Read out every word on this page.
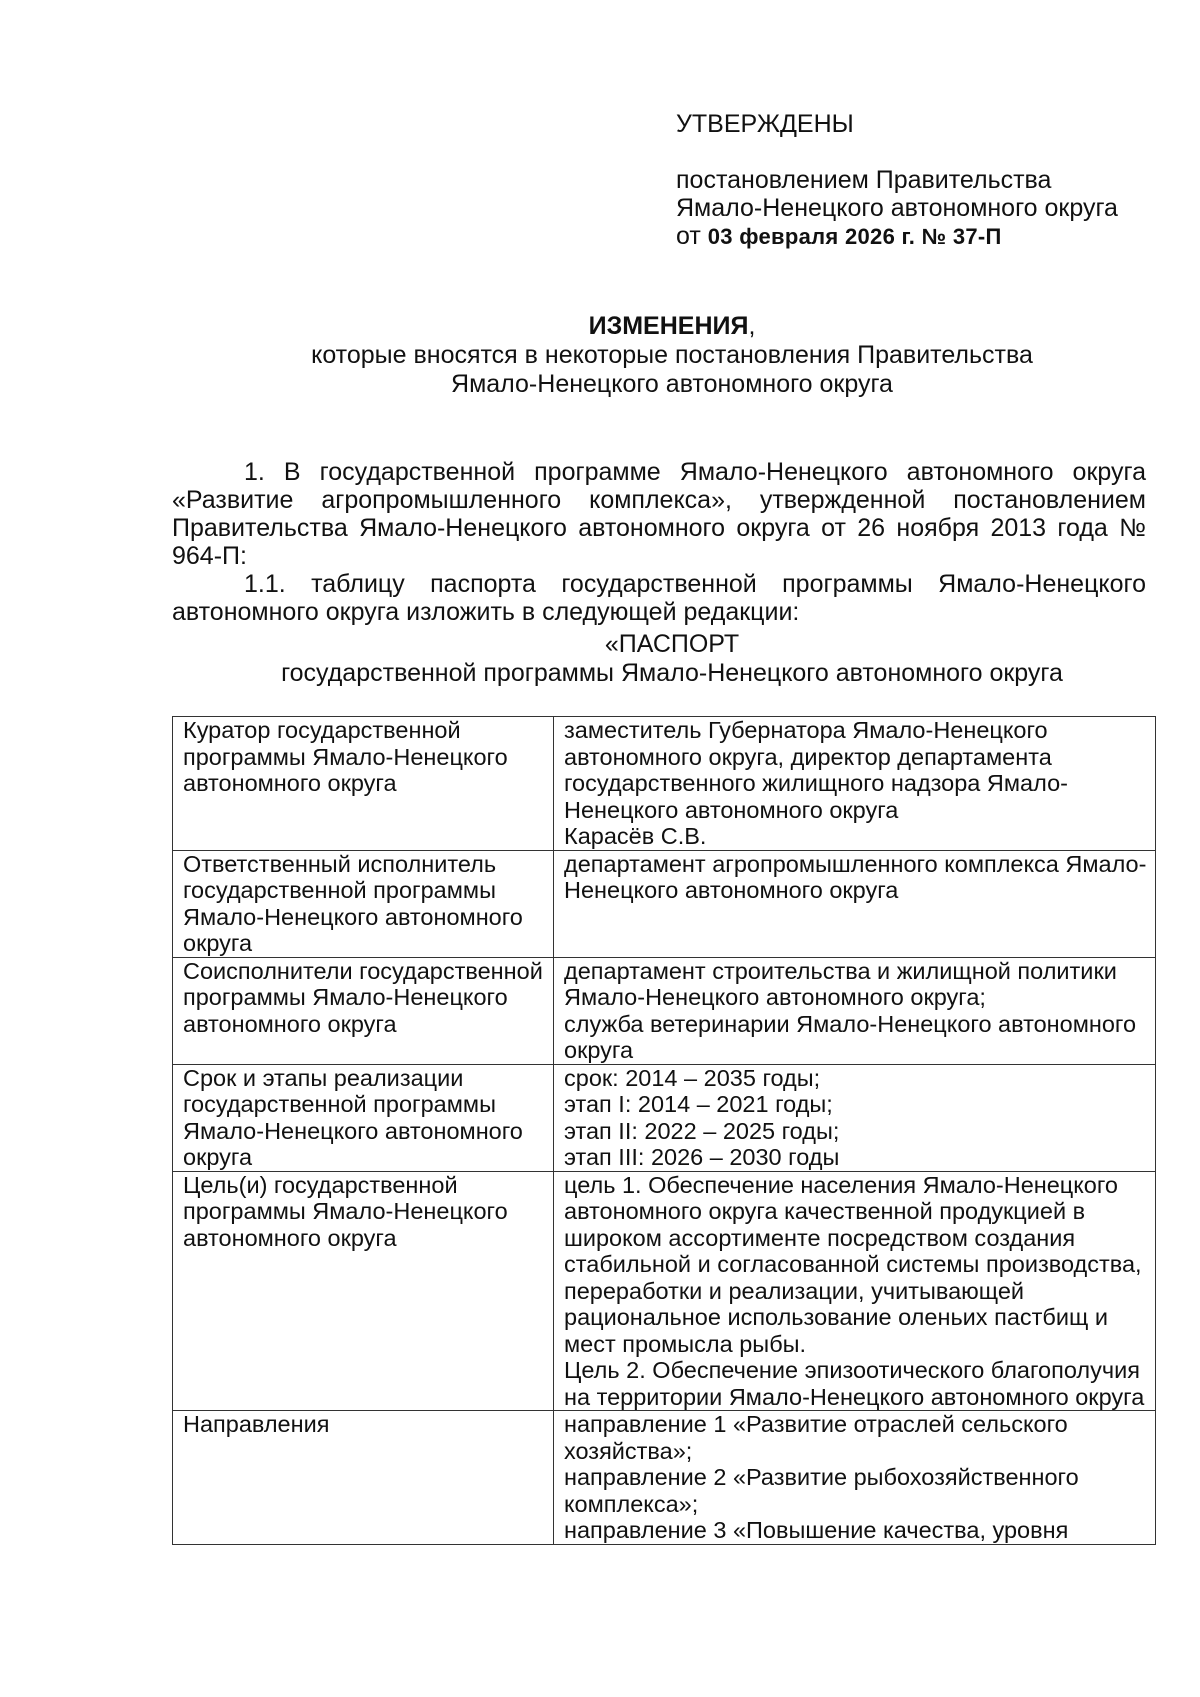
УТВЕРЖДЕНЫ

постановлением Правительства

Ямало-Ненецкого автономного округа

от 03 февраля 2026 г. № 37-П

ИЗМЕНЕНИЯ,
которые вносятся в некоторые постановления Правительства
Ямало-Ненецкого автономного округа

1. В государственной программе Ямало-Ненецкого автономного округа «Развитие агропромышленного комплекса», утвержденной постановлением Правительства Ямало-Ненецкого автономного округа от 26 ноября 2013 года № 964-П:

1.1. таблицу паспорта государственной программы Ямало-Ненецкого автономного округа изложить в следующей редакции:

«ПАСПОРТ
государственной программы Ямало-Ненецкого автономного округа
Куратор государственной программы Ямало-Ненецкого автономного округа	заместитель Губернатора Ямало-Ненецкого автономного округа, директор департамента государственного жилищного надзора Ямало-Ненецкого автономного округа
Карасёв С.В.

Ответственный исполнитель государственной программы Ямало-Ненецкого автономного округа	департамент агропромышленного комплекса Ямало-Ненецкого автономного округа

Соисполнители государственной программы Ямало-Ненецкого автономного округа	департамент строительства и жилищной политики Ямало-Ненецкого автономного округа;
служба ветеринарии Ямало-Ненецкого автономного округа

Срок и этапы реализации государственной программы Ямало-Ненецкого автономного округа	срок: 2014 – 2035 годы;
этап I: 2014 – 2021 годы;
этап II: 2022 – 2025 годы;
этап III: 2026 – 2030 годы

Цель(и) государственной программы Ямало-Ненецкого автономного округа	цель 1. Обеспечение населения Ямало-Ненецкого автономного округа качественной продукцией в широком ассортименте посредством создания стабильной и согласованной системы производства, переработки и реализации, учитывающей рациональное использование оленьих пастбищ и мест промысла рыбы.
Цель 2. Обеспечение эпизоотического благополучия на территории Ямало-Ненецкого автономного округа

Направления	направление 1 «Развитие отраслей сельского хозяйства»;
направление 2 «Развитие рыбохозяйственного комплекса»;
направление 3 «Повышение качества, уровня
